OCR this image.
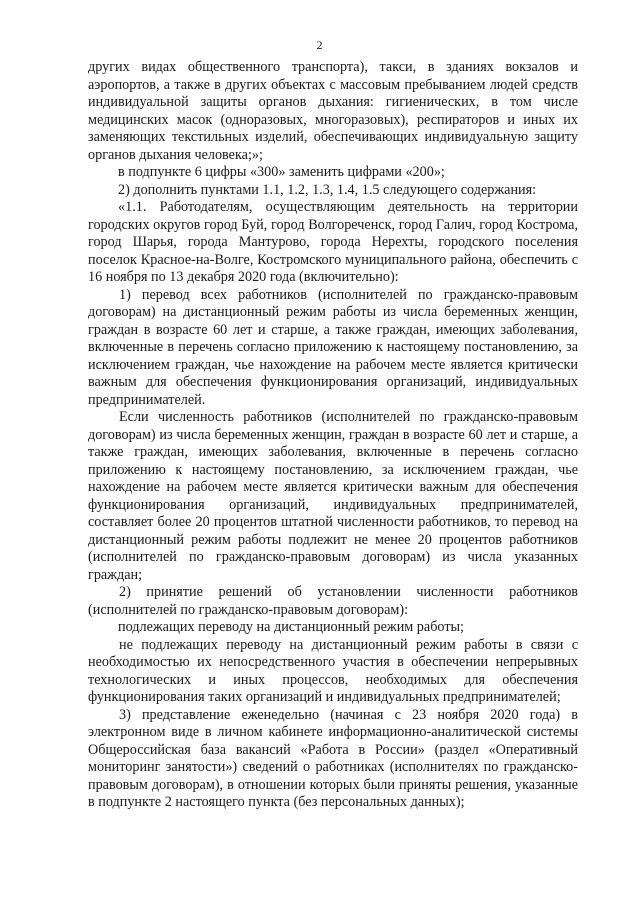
2

других видах общественного транспорта), такси, в зданиях вокзалов и аэропортов, а также в других объектах с массовым пребыванием людей средств индивидуальной защиты органов дыхания: гигиенических, в том числе медицинских масок (одноразовых, многоразовых), респираторов и иных их заменяющих текстильных изделий, обеспечивающих индивидуальную защиту органов дыхания человека;»;

в подпункте 6 цифры «300» заменить цифрами «200»;

2) дополнить пунктами 1.1, 1.2, 1.3, 1.4, 1.5 следующего содержания:

«1.1. Работодателям, осуществляющим деятельность на территории городских округов город Буй, город Волгореченск, город Галич, город Кострома, город Шарья, города Мантурово, города Нерехты, городского поселения поселок Красное-на-Волге, Костромского муниципального района, обеспечить с 16 ноября по 13 декабря 2020 года (включительно):

1) перевод всех работников (исполнителей по гражданско-правовым договорам) на дистанционный режим работы из числа беременных женщин, граждан в возрасте 60 лет и старше, а также граждан, имеющих заболевания, включенные в перечень согласно приложению к настоящему постановлению, за исключением граждан, чье нахождение на рабочем месте является критически важным для обеспечения функционирования организаций, индивидуальных предпринимателей.

Если численность работников (исполнителей по гражданско-правовым договорам) из числа беременных женщин, граждан в возрасте 60 лет и старше, а также граждан, имеющих заболевания, включенные в перечень согласно приложению к настоящему постановлению, за исключением граждан, чье нахождение на рабочем месте является критически важным для обеспечения функционирования организаций, индивидуальных предпринимателей, составляет более 20 процентов штатной численности работников, то перевод на дистанционный режим работы подлежит не менее 20 процентов работников (исполнителей по гражданско-правовым договорам) из числа указанных граждан;

2) принятие решений об установлении численности работников (исполнителей по гражданско-правовым договорам):

подлежащих переводу на дистанционный режим работы;

не подлежащих переводу на дистанционный режим работы в связи с необходимостью их непосредственного участия в обеспечении непрерывных технологических и иных процессов, необходимых для обеспечения функционирования таких организаций и индивидуальных предпринимателей;

3) представление еженедельно (начиная с 23 ноября 2020 года) в электронном виде в личном кабинете информационно-аналитической системы Общероссийская база вакансий «Работа в России» (раздел «Оперативный мониторинг занятости») сведений о работниках (исполнителях по гражданско-правовым договорам), в отношении которых были приняты решения, указанные в подпункте 2 настоящего пункта (без персональных данных);
